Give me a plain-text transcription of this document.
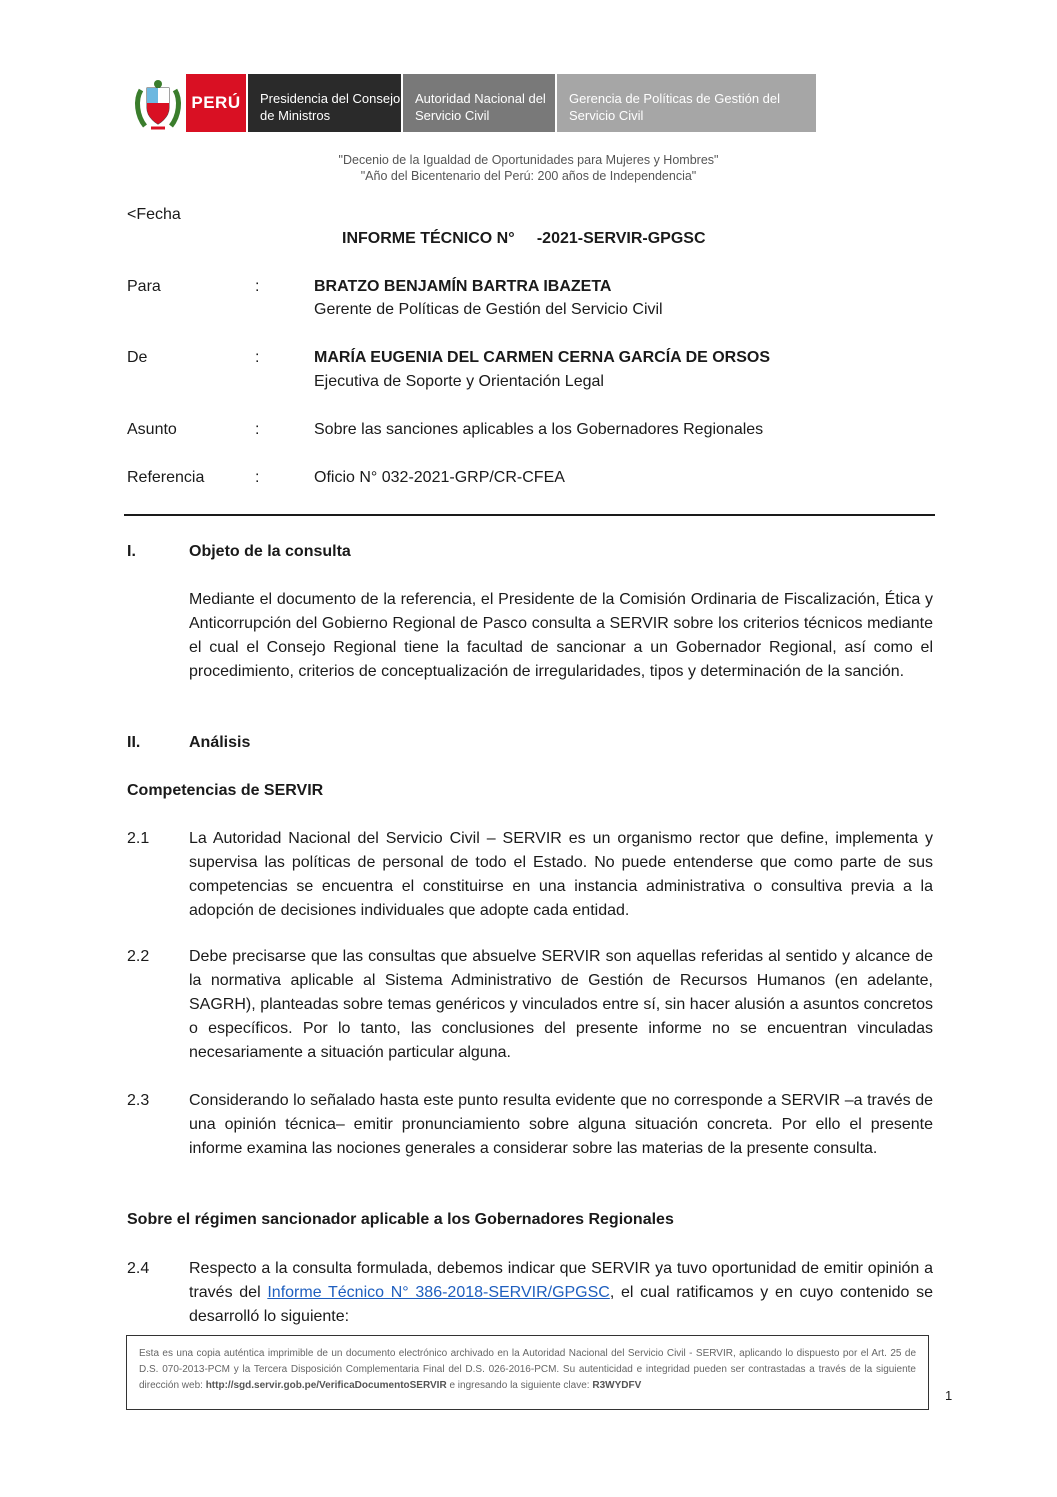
PERÚ	Presidencia del Consejo de Ministros
Autoridad Nacional del Servicio Civil
Gerencia de Políticas de Gestión del Servicio Civil
"Decenio de la Igualdad de Oportunidades para Mujeres y Hombres"
"Año del Bicentenario del Perú: 200 años de Independencia"
<Fecha
INFORME TÉCNICO N°     -2021-SERVIR-GPGSC
Para	:	BRATZO BENJAMÍN BARTRA IBAZETA
Gerente de Políticas de Gestión del Servicio Civil
De	:	MARÍA EUGENIA DEL CARMEN CERNA GARCÍA DE ORSOS
Ejecutiva de Soporte y Orientación Legal
Asunto	:	Sobre las sanciones aplicables a los Gobernadores Regionales
Referencia	:	Oficio N° 032-2021-GRP/CR-CFEA
I.	Objeto de la consulta
Mediante el documento de la referencia, el Presidente de la Comisión Ordinaria de Fiscalización, Ética y Anticorrupción del Gobierno Regional de Pasco consulta a SERVIR sobre los criterios técnicos mediante el cual el Consejo Regional tiene la facultad de sancionar a un Gobernador Regional, así como el procedimiento, criterios de conceptualización de irregularidades, tipos y determinación de la sanción.
II.	Análisis
Competencias de SERVIR
2.1 La Autoridad Nacional del Servicio Civil – SERVIR es un organismo rector que define, implementa y supervisa las políticas de personal de todo el Estado. No puede entenderse que como parte de sus competencias se encuentra el constituirse en una instancia administrativa o consultiva previa a la adopción de decisiones individuales que adopte cada entidad.
2.2 Debe precisarse que las consultas que absuelve SERVIR son aquellas referidas al sentido y alcance de la normativa aplicable al Sistema Administrativo de Gestión de Recursos Humanos (en adelante, SAGRH), planteadas sobre temas genéricos y vinculados entre sí, sin hacer alusión a asuntos concretos o específicos. Por lo tanto, las conclusiones del presente informe no se encuentran vinculadas necesariamente a situación particular alguna.
2.3 Considerando lo señalado hasta este punto resulta evidente que no corresponde a SERVIR –a través de una opinión técnica– emitir pronunciamiento sobre alguna situación concreta. Por ello el presente informe examina las nociones generales a considerar sobre las materias de la presente consulta.
Sobre el régimen sancionador aplicable a los Gobernadores Regionales
2.4 Respecto a la consulta formulada, debemos indicar que SERVIR ya tuvo oportunidad de emitir opinión a través del Informe Técnico N° 386-2018-SERVIR/GPGSC, el cual ratificamos y en cuyo contenido se desarrolló lo siguiente:
Esta es una copia auténtica imprimible de un documento electrónico archivado en la Autoridad Nacional del Servicio Civil - SERVIR, aplicando lo dispuesto por el Art. 25 de D.S. 070-2013-PCM y la Tercera Disposición Complementaria Final del D.S. 026-2016-PCM. Su autenticidad e integridad pueden ser contrastadas a través de la siguiente dirección web: http://sgd.servir.gob.pe/VerificaDocumentoSERVIR e ingresando la siguiente clave: R3WYDFV
1
